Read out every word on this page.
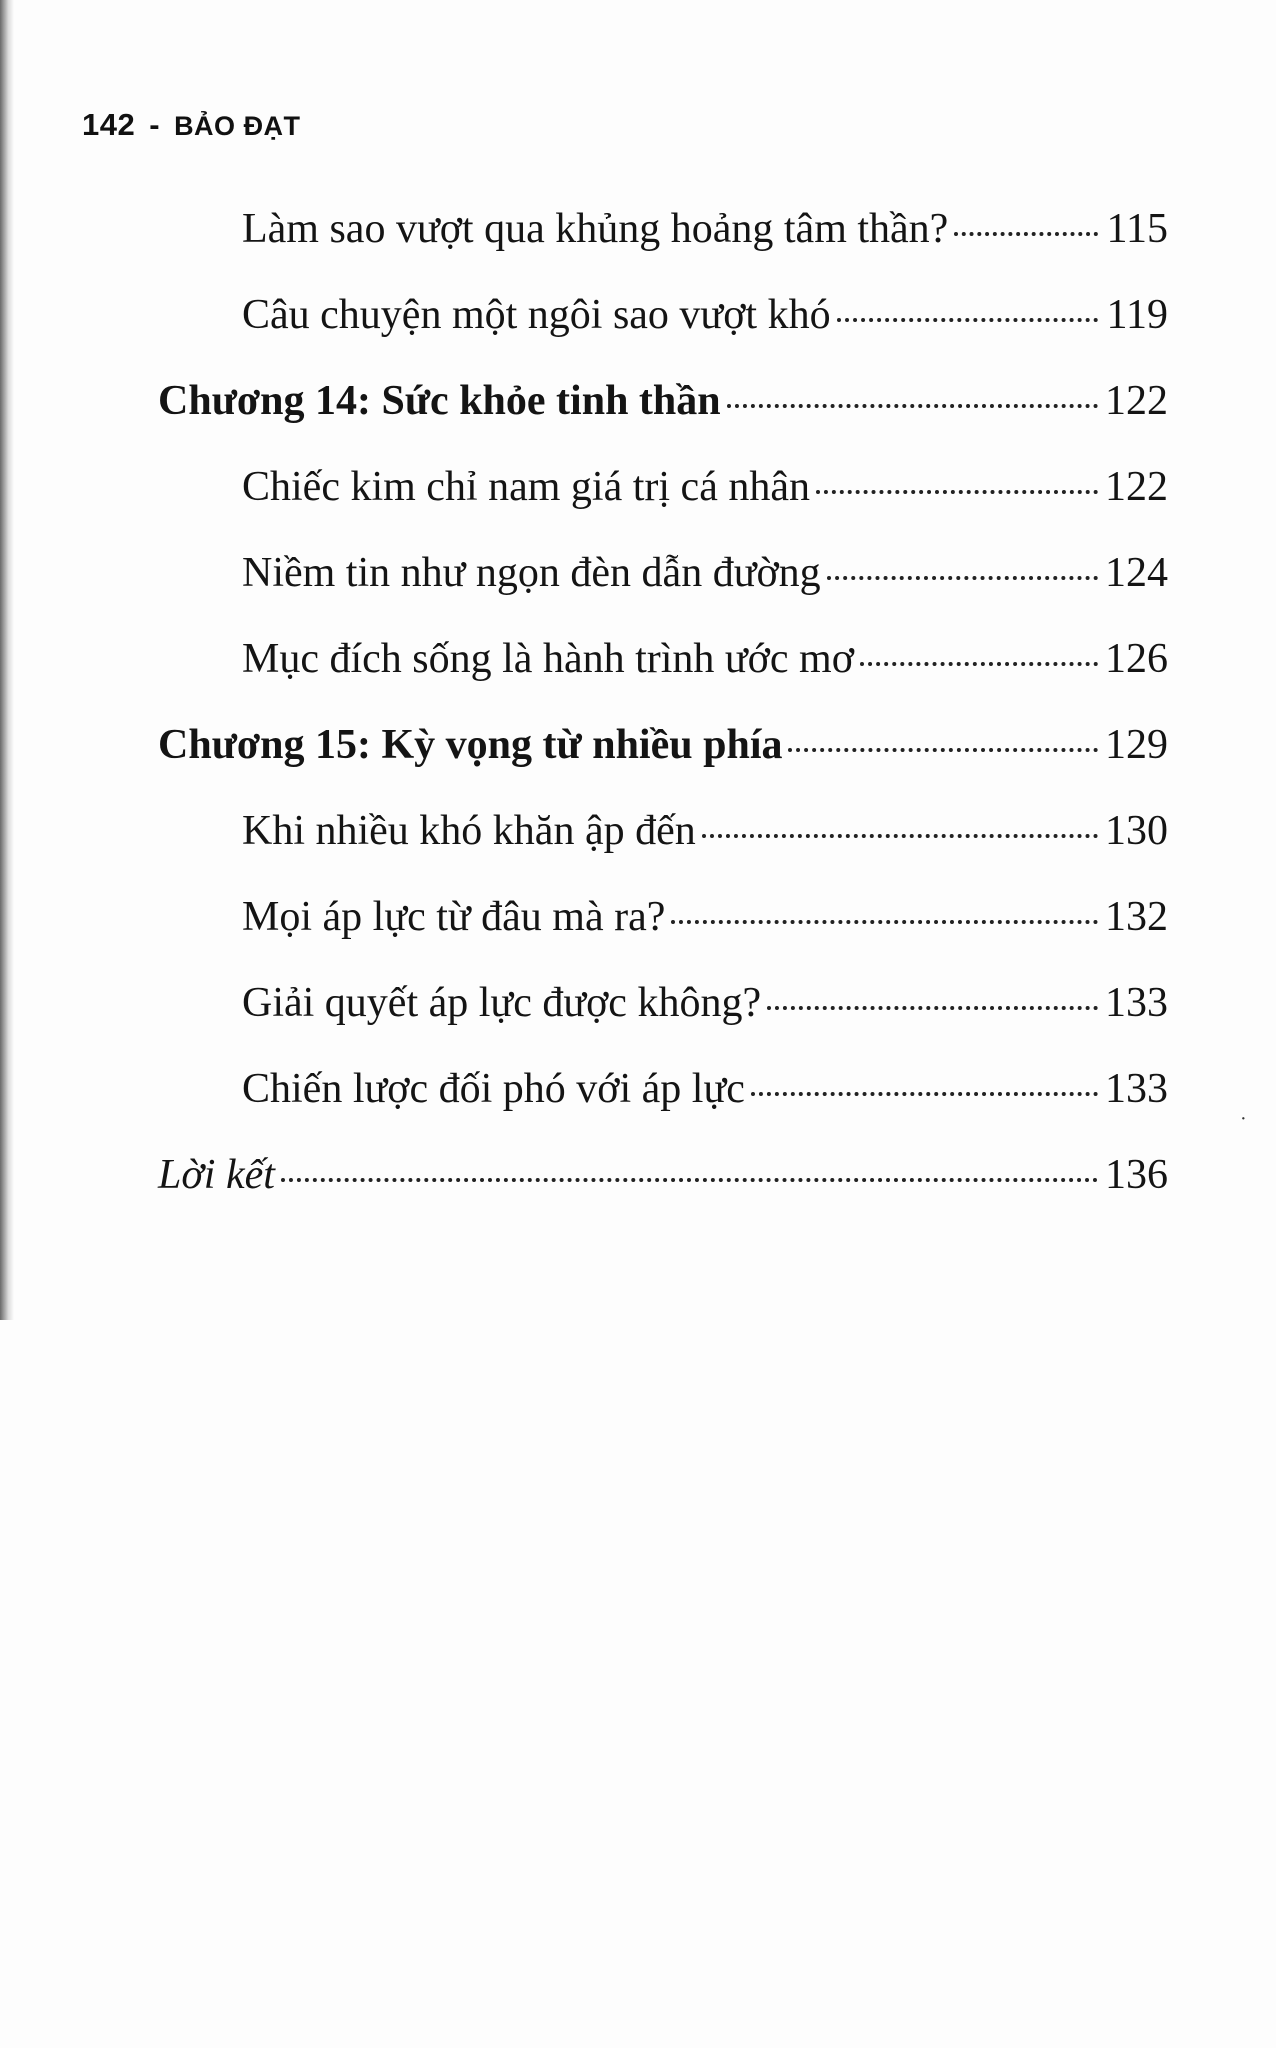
142 - BẢO ĐẠT
Làm sao vượt qua khủng hoảng tâm thần?	115
Câu chuyện một ngôi sao vượt khó	119
Chương 14: Sức khỏe tinh thần	122
Chiếc kim chỉ nam giá trị cá nhân	122
Niềm tin như ngọn đèn dẫn đường	124
Mục đích sống là hành trình ước mơ	126
Chương 15: Kỳ vọng từ nhiều phía	129
Khi nhiều khó khăn ập đến	130
Mọi áp lực từ đâu mà ra?	132
Giải quyết áp lực được không?	133
Chiến lược đối phó với áp lực	133
Lời kết	136
·
